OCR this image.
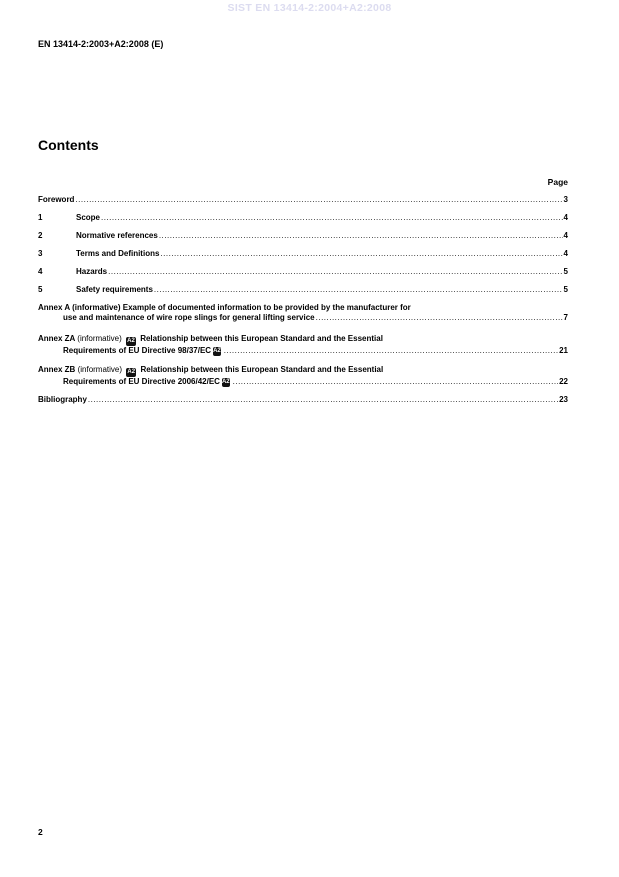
SIST EN 13414-2:2004+A2:2008
EN 13414-2:2003+A2:2008 (E)
Contents
Page
Foreword .....	3
1	Scope .....	4
2	Normative references .....	4
3	Terms and Definitions .....	4
4	Hazards .....	5
5	Safety requirements .....	5
Annex A (informative) Example of documented information to be provided by the manufacturer for
use and maintenance of wire rope slings for general lifting service .....	7
Annex ZA (informative) A2 Relationship between this European Standard and the Essential
Requirements of EU Directive 98/37/EC A2 .....	21
Annex ZB (informative) A2 Relationship between this European Standard and the Essential
Requirements of EU Directive 2006/42/EC A2 .....	22
Bibliography .....	23
2
